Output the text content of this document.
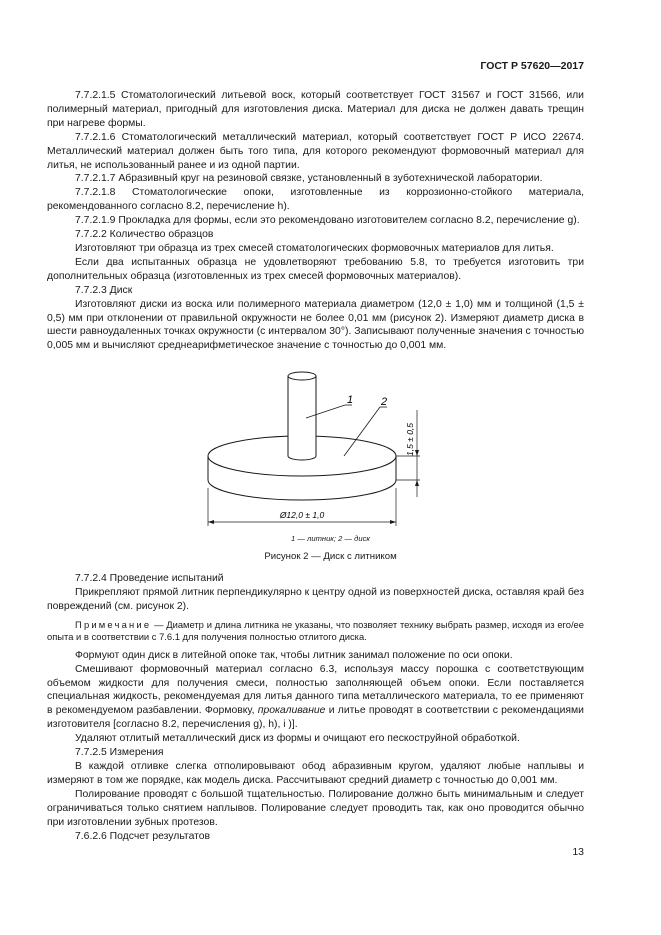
ГОСТ Р 57620—2017

7.7.2.1.5 Стоматологический литьевой воск, который соответствует ГОСТ 31567 и ГОСТ 31566, или полимерный материал, пригодный для изготовления диска. Материал для диска не должен давать трещин при нагреве формы.

7.7.2.1.6 Стоматологический металлический материал, который соответствует ГОСТ Р ИСО 22674. Металлический материал должен быть того типа, для которого рекомендуют формовочный материал для литья, не использованный ранее и из одной партии.

7.7.2.1.7 Абразивный круг на резиновой связке, установленный в зуботехнической лаборатории.

7.7.2.1.8 Стоматологические опоки, изготовленные из коррозионно-стойкого материала, рекомендованного согласно 8.2, перечисление h).

7.7.2.1.9 Прокладка для формы, если это рекомендовано изготовителем согласно 8.2, перечисление g).

7.7.2.2 Количество образцов

Изготовляют три образца из трех смесей стоматологических формовочных материалов для литья.

Если два испытанных образца не удовлетворяют требованию 5.8, то требуется изготовить три дополнительных образца (изготовленных из трех смесей формовочных материалов).

7.7.2.3 Диск

Изготовляют диски из воска или полимерного материала диаметром (12,0 ± 1,0) мм и толщиной (1,5 ± 0,5) мм при отклонении от правильной окружности не более 0,01 мм (рисунок 2). Измеряют диаметр диска в шести равноудаленных точках окружности (с интервалом 30°). Записывают полученные значения с точностью 0,005 мм и вычисляют среднеарифметическое значение с точностью до 0,001 мм.

1	2
1,5 ± 0,5
Ø12,0 ± 1,0
1 — литник; 2 — диск
Рисунок 2 — Диск с литником

7.7.2.4 Проведение испытаний

Прикрепляют прямой литник перпендикулярно к центру одной из поверхностей диска, оставляя край без повреждений (см. рисунок 2).

Примечание — Диаметр и длина литника не указаны, что позволяет технику выбрать размер, исходя из его/ее опыта и в соответствии с 7.6.1 для получения полностью отлитого диска.

Формуют один диск в литейной опоке так, чтобы литник занимал положение по оси опоки.

Смешивают формовочный материал согласно 6.3, используя массу порошка с соответствующим объемом жидкости для получения смеси, полностью заполняющей объем опоки. Если поставляется специальная жидкость, рекомендуемая для литья данного типа металлического материала, то ее применяют в рекомендуемом разбавлении. Формовку, прокаливание и литье проводят в соответствии с рекомендациями изготовителя [согласно 8.2, перечисления g), h), i )].

Удаляют отлитый металлический диск из формы и очищают его пескоструйной обработкой.

7.7.2.5 Измерения

В каждой отливке слегка отполировывают обод абразивным кругом, удаляют любые наплывы и измеряют в том же порядке, как модель диска. Рассчитывают средний диаметр с точностью до 0,001 мм.

Полирование проводят с большой тщательностью. Полирование должно быть минимальным и следует ограничиваться только снятием наплывов. Полирование следует проводить так, как оно проводится обычно при изготовлении зубных протезов.

7.6.2.6 Подсчет результатов

13
